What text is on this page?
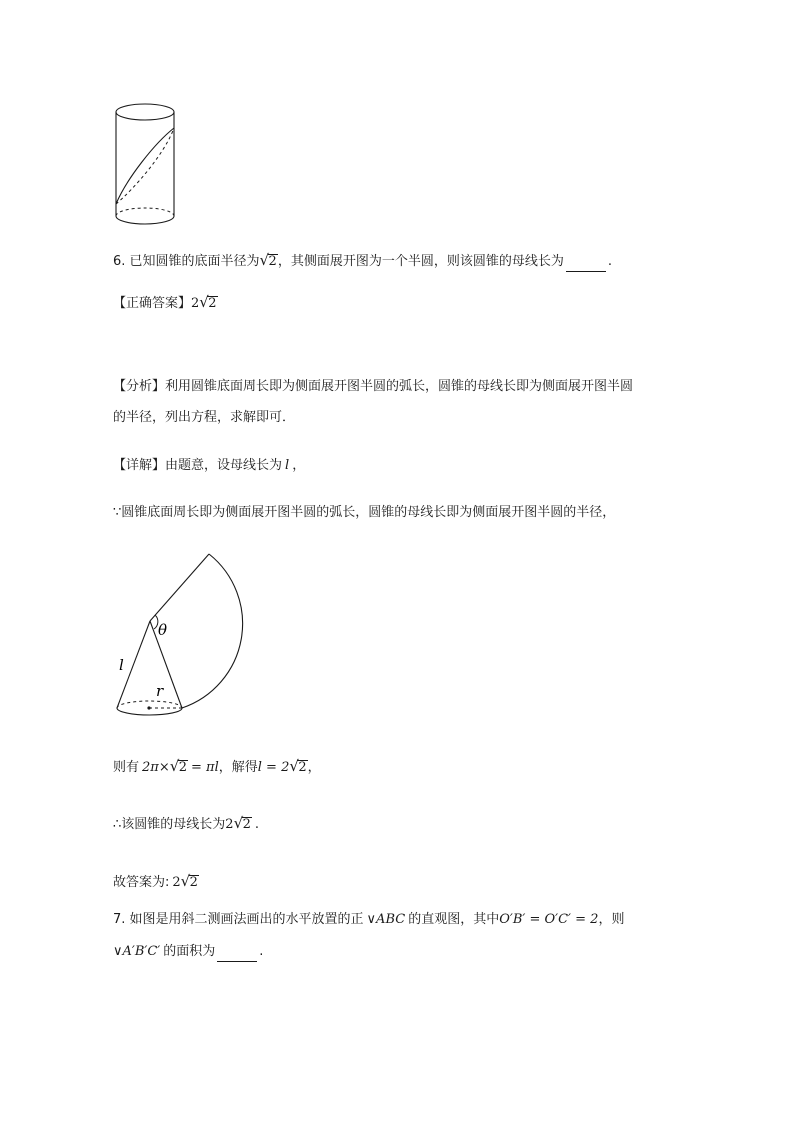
6. 已知圆锥的底面半径为 √ 2，其侧面展开图为一个半圆，则该圆锥的母线长为	.
【正确答案】2 √ 2
【分析】利用圆锥底面周长即为侧面展开图半圆的弧长，圆锥的母线长即为侧面展开图半圆
的半径，列出方程，求解即可．
【详解】由题意，设母线长为 l ，
∵圆锥底面周长即为侧面展开图半圆的弧长，圆锥的母线长即为侧面展开图半圆的半径，
θ
l
r
则有 2π× √ 2 = πl，解得l = 2 √ 2，
∴该圆锥的母线长为2 √ 2 .
故答案为: 2 √ 2
7. 如图是用斜二测画法画出的水平放置的正 ∨ABC 的直观图，其中O′B′ = O′C′ = 2，则
∨A′B′C′ 的面积为	.
